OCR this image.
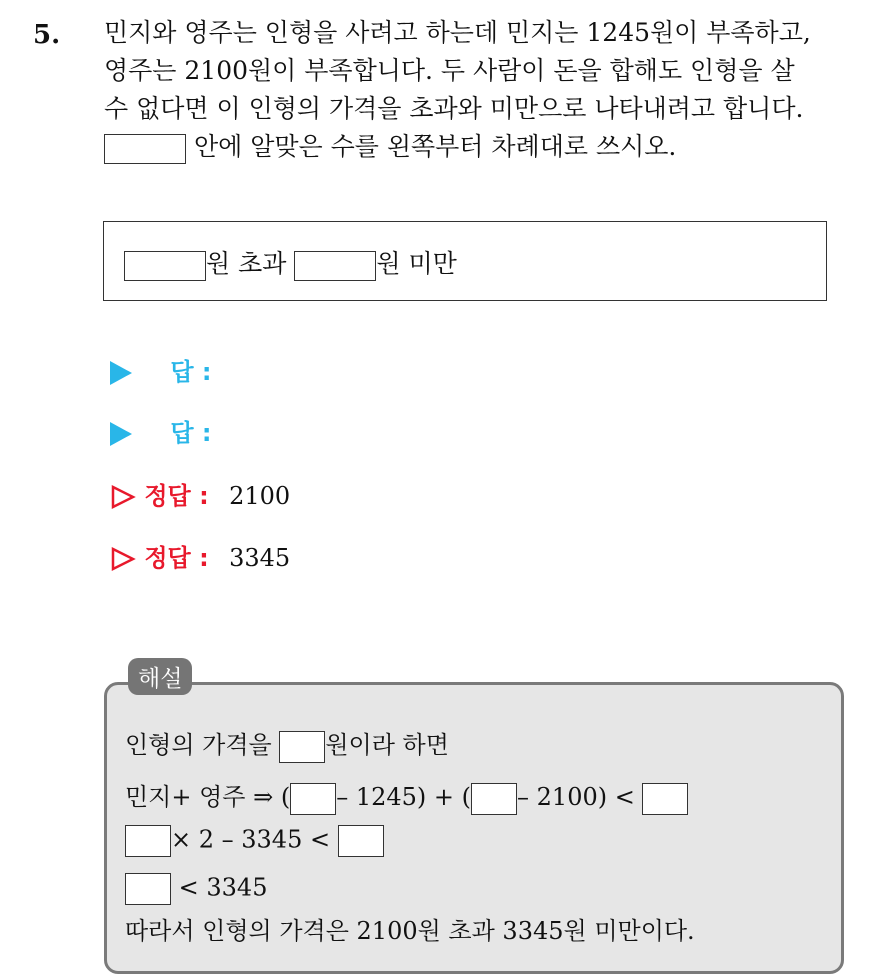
5. 민지와 영주는 인형을 사려고 하는데 민지는 1245원이 부족하고,
영주는 2100원이 부족합니다. 두 사람이 돈을 합해도 인형을 살
수 없다면 이 인형의 가격을 초과와 미만으로 나타내려고 합니다.
안에 알맞은 수를 왼쪽부터 차례대로 쓰시오.
원 초과	원 미만
답 :
답 :
정답 : 2100
정답 : 3345
인형의 가격을 원이라 하면
민지+ 영주 ⇒ ( – 1245) + ( – 2100) <
× 2 – 3345 <
< 3345
따라서 인형의 가격은 2100원 초과 3345원 미만이다.
해설
